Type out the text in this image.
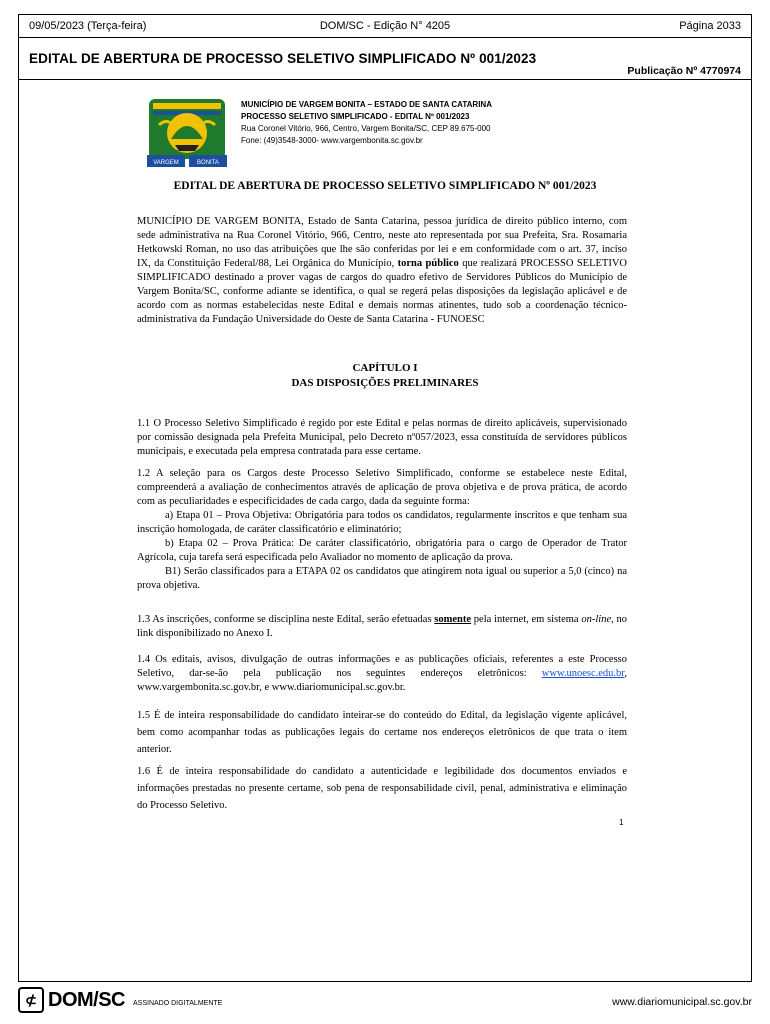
09/05/2023 (Terça-feira)	DOM/SC - Edição N° 4205	Página 2033
EDITAL DE ABERTURA DE PROCESSO SELETIVO SIMPLIFICADO Nº 001/2023
Publicação Nº 4770974
VARGEM	BONITA
MUNICÍPIO DE VARGEM BONITA – ESTADO DE SANTA CATARINA
PROCESSO SELETIVO SIMPLIFICADO - EDITAL Nº 001/2023
Rua Coronel Vitório, 966, Centro, Vargem Bonita/SC, CEP 89.675-000
Fone: (49)3548-3000- www.vargembonita.sc.gov.br
EDITAL DE ABERTURA DE PROCESSO SELETIVO SIMPLIFICADO Nº 001/2023

MUNICÍPIO DE VARGEM BONITA, Estado de Santa Catarina, pessoa jurídica de direito público interno, com sede administrativa na Rua Coronel Vitório, 966, Centro, neste ato representada por sua Prefeita, Sra. Rosamaria Hetkowski Roman, no uso das atribuições que lhe são conferidas por lei e em conformidade com o art. 37, inciso IX, da Constituição Federal/88, Lei Orgânica do Município, torna público que realizará PROCESSO SELETIVO SIMPLIFICADO destinado a prover vagas de cargos do quadro efetivo de Servidores Públicos do Município de Vargem Bonita/SC, conforme adiante se identifica, o qual se regerá pelas disposições da legislação aplicável e de acordo com as normas estabelecidas neste Edital e demais normas atinentes, tudo sob a coordenação técnico-administrativa da Fundação Universidade do Oeste de Santa Catarina - FUNOESC

CAPÍTULO I
DAS DISPOSIÇÕES PRELIMINARES

1.1 O Processo Seletivo Simplificado é regido por este Edital e pelas normas de direito aplicáveis, supervisionado por comissão designada pela Prefeita Municipal, pelo Decreto nº057/2023, essa constituída de servidores públicos municipais, e executada pela empresa contratada para esse certame.

1.2 A seleção para os Cargos deste Processo Seletivo Simplificado, conforme se estabelece neste Edital, compreenderá a avaliação de conhecimentos através de aplicação de prova objetiva e de prova prática, de acordo com as peculiaridades e especificidades de cada cargo, dada da seguinte forma:

a) Etapa 01 – Prova Objetiva: Obrigatória para todos os candidatos, regularmente inscritos e que tenham sua inscrição homologada, de caráter classificatório e eliminatório;

b) Etapa 02 – Prova Prática: De caráter classificatório, obrigatória para o cargo de Operador de Trator Agrícola, cuja tarefa será especificada pelo Avaliador no momento de aplicação da prova.

B1) Serão classificados para a ETAPA 02 os candidatos que atingirem nota igual ou superior a 5,0 (cinco) na prova objetiva.

1.3 As inscrições, conforme se disciplina neste Edital, serão efetuadas somente pela internet, em sistema on-line, no link disponibilizado no Anexo I.

1.4 Os editais, avisos, divulgação de outras informações e as publicações oficiais, referentes a este Processo Seletivo, dar-se-ão pela publicação nos seguintes endereços eletrônicos: www.unoesc.edu.br, www.vargembonita.sc.gov.br, e www.diariomunicipal.sc.gov.br.

1.5 É de inteira responsabilidade do candidato inteirar-se do conteúdo do Edital, da legislação vigente aplicável, bem como acompanhar todas as publicações legais do certame nos endereços eletrônicos de que trata o item anterior.

1.6 É de inteira responsabilidade do candidato a autenticidade e legibilidade dos documentos enviados e informações prestadas no presente certame, sob pena de responsabilidade civil, penal, administrativa e eliminação do Processo Seletivo.

1
⊄ DOM/SC ASSINADO DIGITALMENTE	www.diariomunicipal.sc.gov.br
